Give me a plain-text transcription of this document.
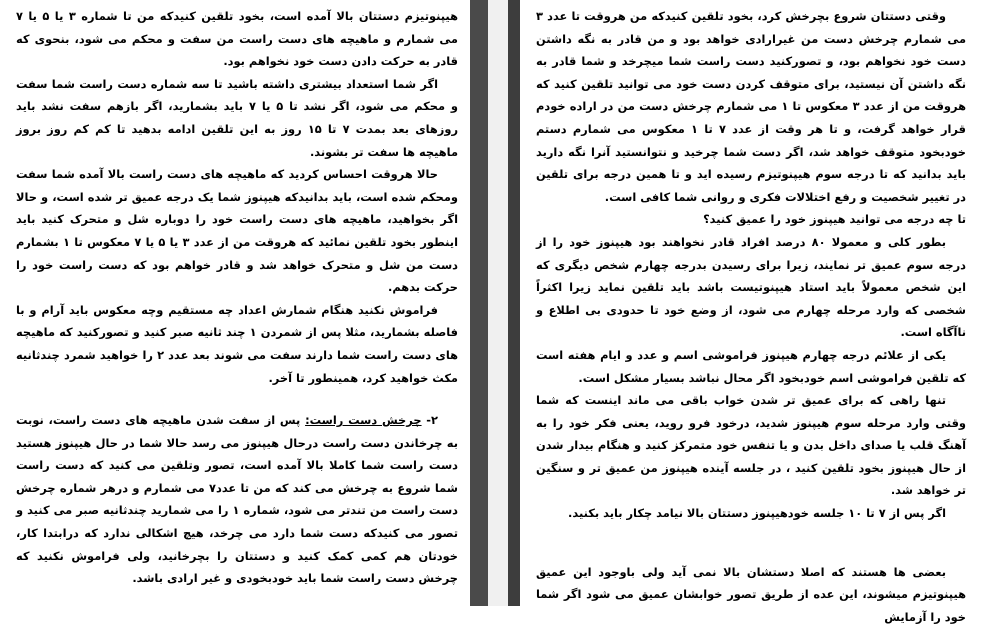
هیپنوتیزم دستتان بالا آمده است، بخود تلقین کنیدکه من تا شماره ۳ یا ۵ یا ۷ می شمارم و ماهیچه های دست راست من سفت و محکم می شود، بنحوی که قادر به حرکت دادن دست خود نخواهم بود.

اگر شما استعداد بیشتری داشته باشید تا سه شماره دست راست شما سفت و محکم می شود، اگر نشد تا ۵ یا ۷ باید بشمارید، اگر بازهم سفت نشد باید روزهای بعد بمدت ۷ تا ۱۵ روز به این تلقین ادامه بدهید تا کم کم روز بروز ماهیچه ها سفت تر بشوند.

حالا هروقت احساس کردید که ماهیچه های دست راست بالا آمده شما سفت ومحکم شده است، باید بدانیدکه هیپنوز شما یک درجه عمیق تر شده است، و حالا اگر بخواهید، ماهیچه های دست راست خود را دوباره شل و متحرک کنید باید اینطور بخود تلقین نمائید که هروقت من از عدد ۳ یا ۵ یا ۷ معکوس تا ۱ بشمارم دست من شل و متحرک خواهد شد و قادر خواهم بود که دست راست خود را حرکت بدهم.

فراموش نکنید هنگام شمارش اعداد چه مستقیم وچه معکوس باید آرام و با فاصله بشمارید، مثلا پس از شمردن ۱ چند ثانیه صبر کنید و تصورکنید که ماهیچه های دست راست شما دارند سفت می شوند بعد عدد ۲ را خواهید شمرد چندثانیه مکث خواهید کرد، همینطور تا آخر.

۲- چرخش دست راست: پس از سفت شدن ماهیچه های دست راست، نوبت به چرخاندن دست راست درحال هیپنوز می رسد حالا شما در حال هیپنوز هستید دست راست شما کاملا بالا آمده است، تصور وتلقین می کنید که دست راست شما شروع به چرخش می کند که من تا عدد۷ می شمارم و درهر شماره چرخش دست راست من تندتر می شود، شماره ۱ را می شمارید چندثانیه صبر می کنید و تصور می کنیدکه دست شما دارد می چرخد، هیچ اشکالی ندارد که درابتدا کار، خودتان هم کمی کمک کنید و دستتان را بچرخانید، ولی فراموش نکنید که چرخش دست راست شما باید خودبخودی و غیر ارادی باشد.

وقتی دستتان شروع بچرخش کرد، بخود تلقین کنیدکه من هروقت تا عدد ۳ می شمارم چرخش دست من غیرارادی خواهد بود و من قادر به نگه داشتن دست خود نخواهم بود، و تصورکنید دست راست شما میچرخد و شما قادر به نگه داشتن آن نیستید، برای متوقف کردن دست خود می توانید تلقین کنید که هروقت من از عدد ۳ معکوس تا ۱ می شمارم چرخش دست من در اراده خودم قرار خواهد گرفت، و تا هر وقت از عدد ۷ تا ۱ معکوس می شمارم دستم خودبخود متوقف خواهد شد، اگر دست شما چرخید و نتوانستید آنرا نگه دارید باید بدانید که تا درجه سوم هیپنوتیزم رسیده اید و تا همین درجه برای تلقین در تغییر شخصیت و رفع اختلالات فکری و روانی شما کافی است.

تا چه درجه می توانید هیپنوز خود را عمیق کنید؟

بطور کلی و معمولا ۸۰ درصد افراد قادر نخواهند بود هیپنوز خود را از درجه سوم عمیق تر نمایند، زیرا برای رسیدن بدرجه چهارم شخص دیگری که این شخص معمولاً باید استاد هیپنوتیست باشد باید تلقین نماید زیرا اکثراً شخصی که وارد مرحله چهارم می شود، از وضع خود تا حدودی بی اطلاع و ناآگاه است.

یکی از علائم درجه چهارم هیپنوز فراموشی اسم و عدد و ایام هفته است که تلقین فراموشی اسم خودبخود اگر محال نباشد بسیار مشکل است.

تنها راهی که برای عمیق تر شدن خواب باقی می ماند اینست که شما وقتی وارد مرحله سوم هیپنوز شدید، درخود فرو روید، یعنی فکر خود را به آهنگ قلب یا صدای داخل بدن و یا تنفس خود متمرکز کنید و هنگام بیدار شدن از حال هیپنوز بخود تلقین کنید ، در جلسه آینده هیپنوز من عمیق تر و سنگین تر خواهد شد.

اگر پس از ۷ تا ۱۰ جلسه خودهیپنوز دستتان بالا نیامد چکار باید بکنید.

بعضی ها هستند که اصلا دستشان بالا نمی آید ولی باوجود این عمیق هیپنوتیزم میشوند، این عده از طریق تصور خوابشان عمیق می شود اگر شما خود را آزمایش
